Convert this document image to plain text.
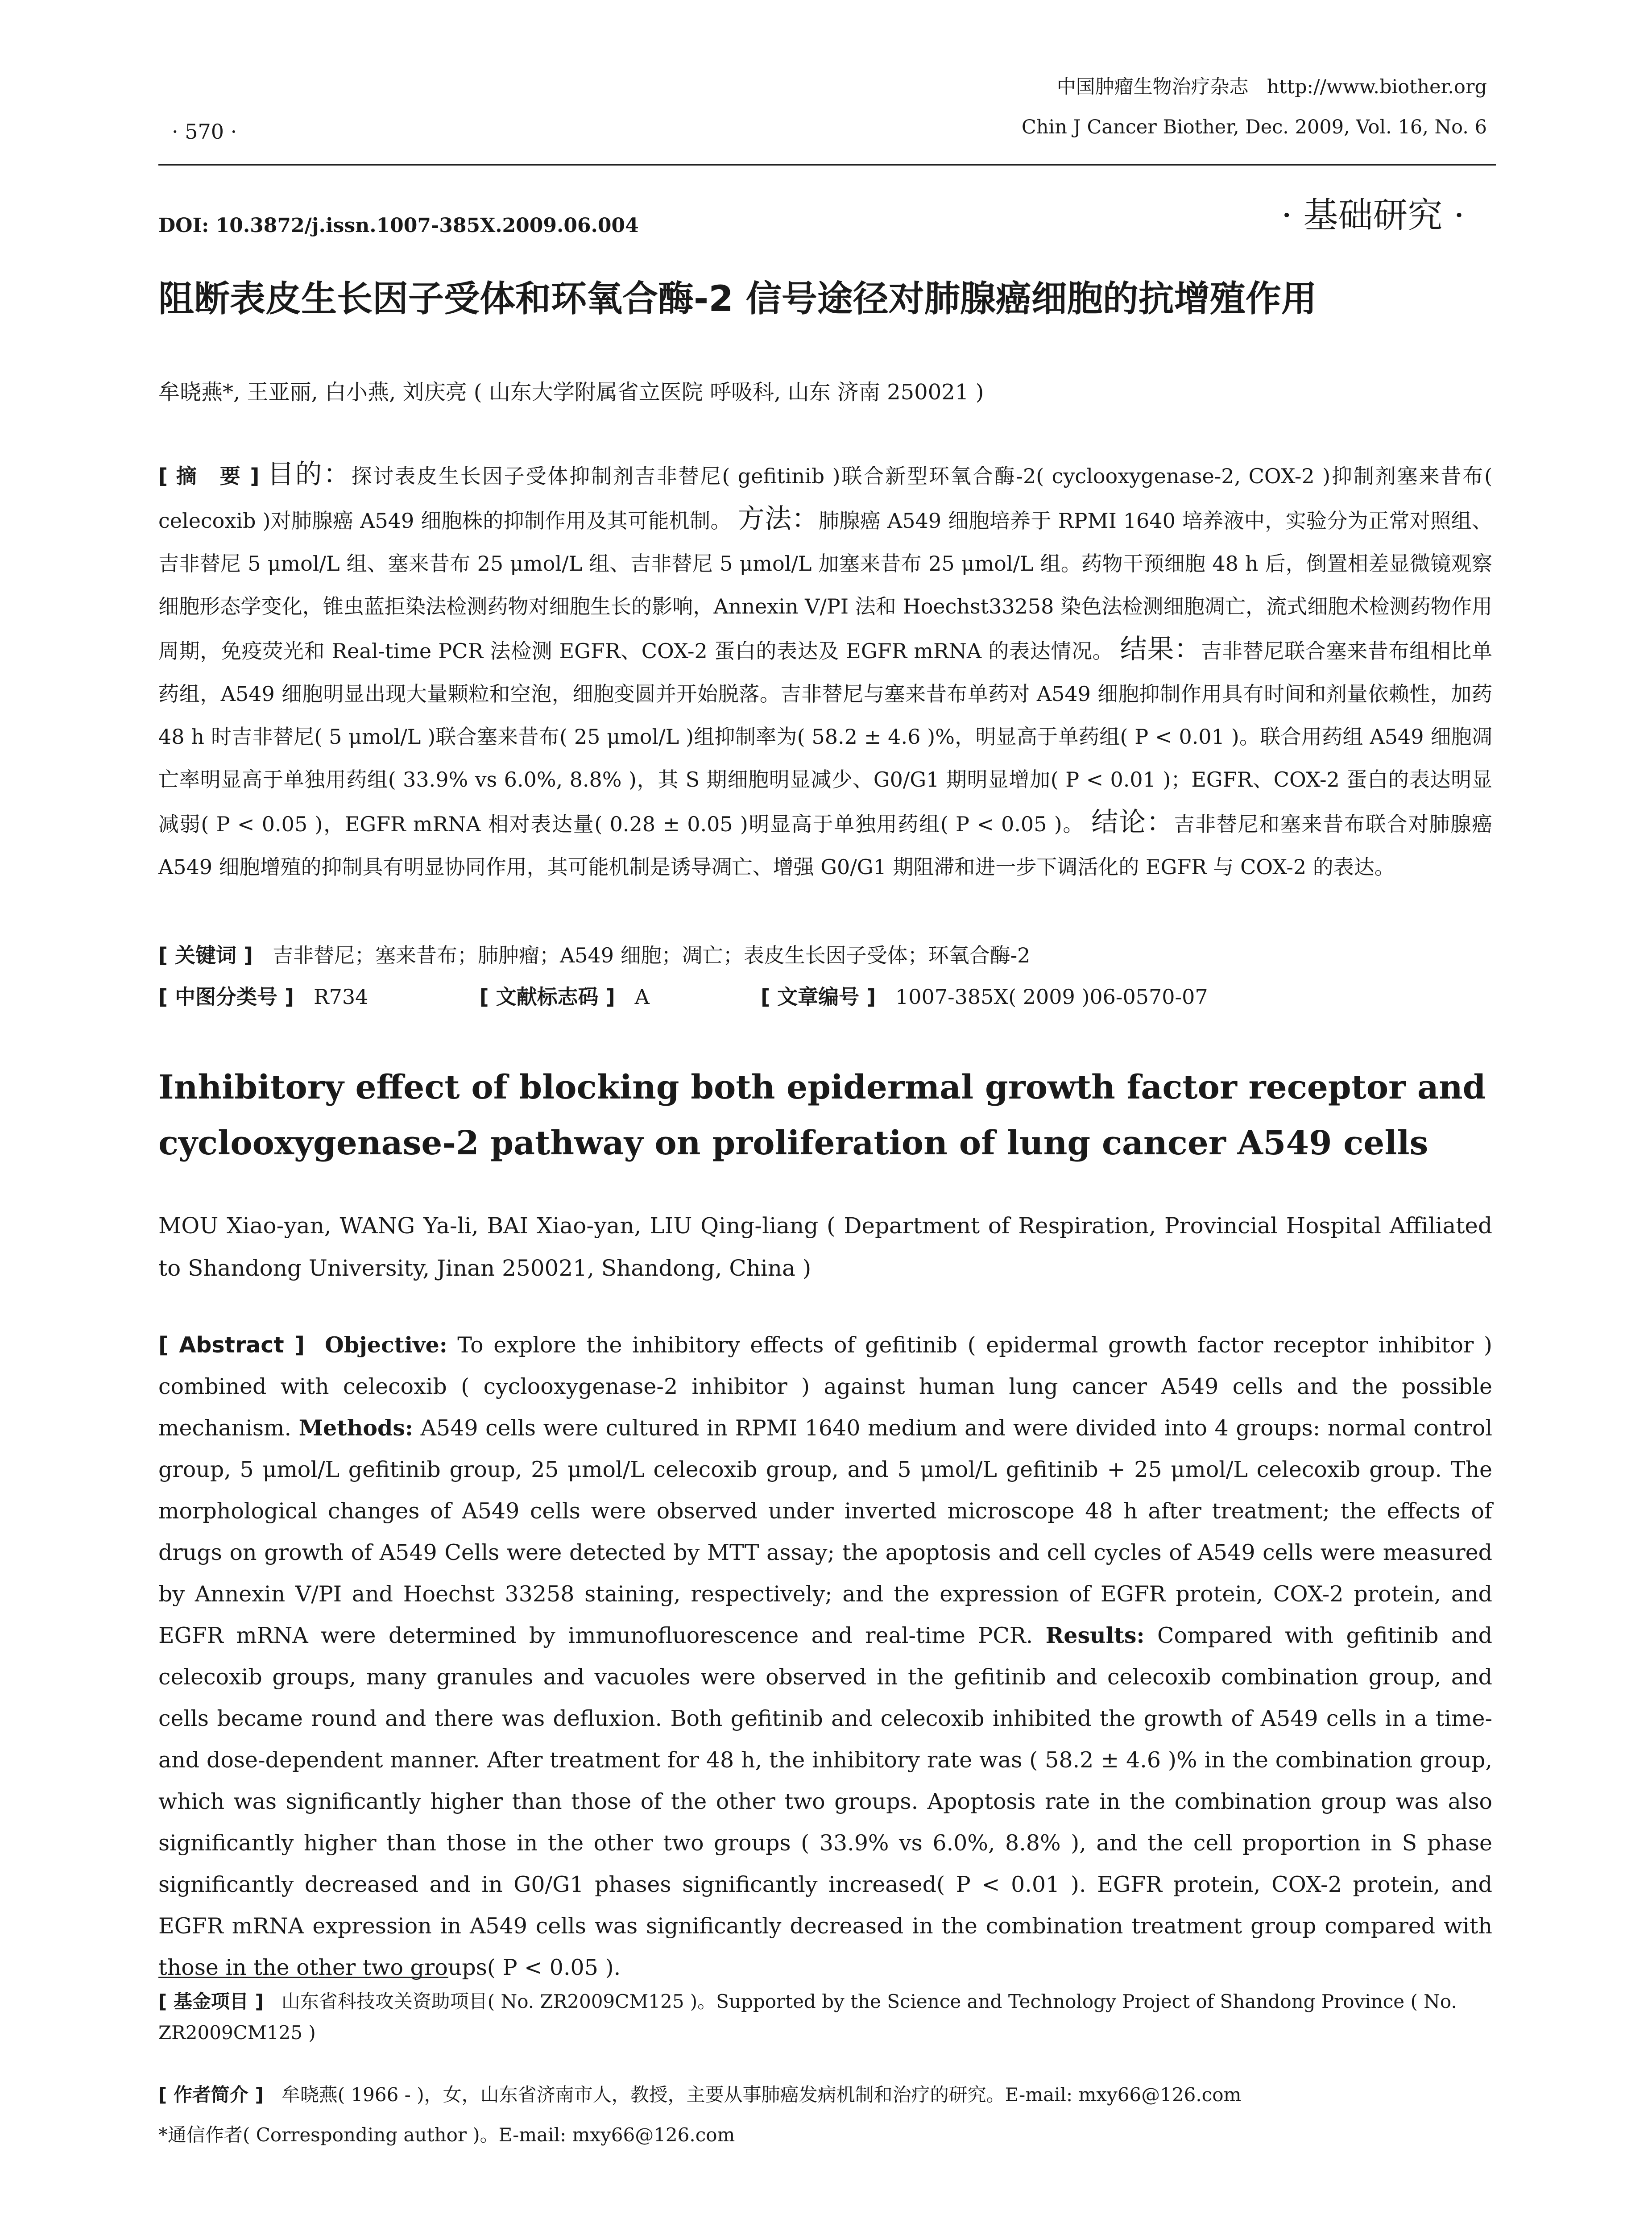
中国肿瘤生物治疗杂志 http://www.biother.org
Chin J Cancer Biother, Dec. 2009, Vol. 16, No. 6
· 570 ·
DOI: 10.3872/j.issn.1007-385X.2009.06.004	· 基础研究 ·
阻断表皮生长因子受体和环氧合酶-2 信号途径对肺腺癌细胞的抗增殖作用
牟晓燕*, 王亚丽, 白小燕, 刘庆亮 ( 山东大学附属省立医院 呼吸科, 山东 济南 250021 )
[ 摘　要 ] 目的：探讨表皮生长因子受体抑制剂吉非替尼( gefitinib )联合新型环氧合酶-2( cyclooxygenase-2, COX-2 )抑制剂塞来昔布( celecoxib )对肺腺癌 A549 细胞株的抑制作用及其可能机制。 方法：肺腺癌 A549 细胞培养于 RPMI 1640 培养液中，实验分为正常对照组、吉非替尼 5 μmol/L 组、塞来昔布 25 μmol/L 组、吉非替尼 5 μmol/L 加塞来昔布 25 μmol/L 组。药物干预细胞 48 h 后，倒置相差显微镜观察细胞形态学变化，锥虫蓝拒染法检测药物对细胞生长的影响，Annexin V/PI 法和 Hoechst33258 染色法检测细胞凋亡，流式细胞术检测药物作用周期，免疫荧光和 Real-time PCR 法检测 EGFR、COX-2 蛋白的表达及 EGFR mRNA 的表达情况。 结果：吉非替尼联合塞来昔布组相比单药组，A549 细胞明显出现大量颗粒和空泡，细胞变圆并开始脱落。吉非替尼与塞来昔布单药对 A549 细胞抑制作用具有时间和剂量依赖性，加药 48 h 时吉非替尼( 5 μmol/L )联合塞来昔布( 25 μmol/L )组抑制率为( 58.2 ± 4.6 )%，明显高于单药组( P < 0.01 )。联合用药组 A549 细胞凋亡率明显高于单独用药组( 33.9% vs 6.0%, 8.8% )，其 S 期细胞明显减少、G0/G1 期明显增加( P < 0.01 )；EGFR、COX-2 蛋白的表达明显减弱( P < 0.05 )，EGFR mRNA 相对表达量( 0.28 ± 0.05 )明显高于单独用药组( P < 0.05 )。 结论：吉非替尼和塞来昔布联合对肺腺癌 A549 细胞增殖的抑制具有明显协同作用，其可能机制是诱导凋亡、增强 G0/G1 期阻滞和进一步下调活化的 EGFR 与 COX-2 的表达。
[ 关键词 ] 吉非替尼；塞来昔布；肺肿瘤；A549 细胞；凋亡；表皮生长因子受体；环氧合酶-2
[ 中图分类号 ] R734	[ 文献标志码 ] A	[ 文章编号 ] 1007-385X( 2009 )06-0570-07
Inhibitory effect of blocking both epidermal growth factor receptor and cyclooxygenase-2 pathway on proliferation of lung cancer A549 cells
MOU Xiao-yan, WANG Ya-li, BAI Xiao-yan, LIU Qing-liang ( Department of Respiration, Provincial Hospital Affiliated to Shandong University, Jinan 250021, Shandong, China )
[ Abstract ] Objective: To explore the inhibitory effects of gefitinib ( epidermal growth factor receptor inhibitor ) combined with celecoxib ( cyclooxygenase-2 inhibitor ) against human lung cancer A549 cells and the possible mechanism. Methods: A549 cells were cultured in RPMI 1640 medium and were divided into 4 groups: normal control group, 5 μmol/L gefitinib group, 25 μmol/L celecoxib group, and 5 μmol/L gefitinib + 25 μmol/L celecoxib group. The morphological changes of A549 cells were observed under inverted microscope 48 h after treatment; the effects of drugs on growth of A549 Cells were detected by MTT assay; the apoptosis and cell cycles of A549 cells were measured by Annexin V/PI and Hoechst 33258 staining, respectively; and the expression of EGFR protein, COX-2 protein, and EGFR mRNA were determined by immunofluorescence and real-time PCR. Results: Compared with gefitinib and celecoxib groups, many granules and vacuoles were observed in the gefitinib and celecoxib combination group, and cells became round and there was defluxion. Both gefitinib and celecoxib inhibited the growth of A549 cells in a time- and dose-dependent manner. After treatment for 48 h, the inhibitory rate was ( 58.2 ± 4.6 )% in the combination group, which was significantly higher than those of the other two groups. Apoptosis rate in the combination group was also significantly higher than those in the other two groups ( 33.9% vs 6.0%, 8.8% ), and the cell proportion in S phase significantly decreased and in G0/G1 phases significantly increased( P < 0.01 ). EGFR protein, COX-2 protein, and EGFR mRNA expression in A549 cells was significantly decreased in the combination treatment group compared with those in the other two groups( P < 0.05 ).
[ 基金项目 ] 山东省科技攻关资助项目( No. ZR2009CM125 )。Supported by the Science and Technology Project of Shandong Province ( No. ZR2009CM125 )
[ 作者简介 ] 牟晓燕( 1966 - )，女，山东省济南市人，教授，主要从事肺癌发病机制和治疗的研究。E-mail: mxy66@126.com
*通信作者( Corresponding author )。E-mail: mxy66@126.com
